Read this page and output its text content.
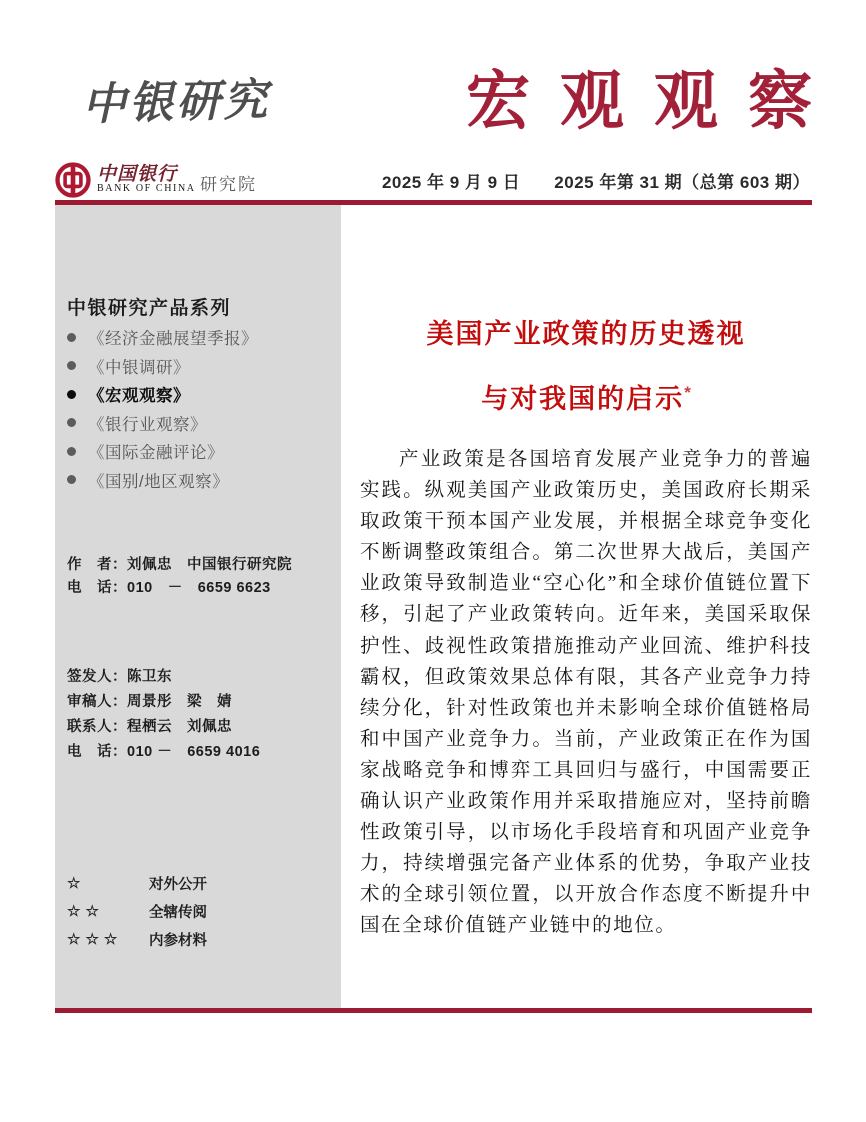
中银研究	宏观观察
中国银行
BANK OF CHINA 研究院	2025 年 9 月 9 日 2025 年第 31 期（总第 603 期）
中银研究产品系列
《经济金融展望季报》
《中银调研》
《宏观观察》
《银行业观察》
《国际金融评论》
《国别/地区观察》
作　者：刘佩忠　中国银行研究院
电　话：010　－　6659 6623
签发人：陈卫东
审稿人：周景彤　梁　婧
联系人：程栖云　刘佩忠
电　话：010 －　6659 4016
☆	对外公开
☆☆	全辖传阅
☆☆☆	内参材料
美国产业政策的历史透视
与对我国的启示*

产业政策是各国培育发展产业竞争力的普遍实践。纵观美国产业政策历史，美国政府长期采取政策干预本国产业发展，并根据全球竞争变化不断调整政策组合。第二次世界大战后，美国产业政策导致制造业“空心化”和全球价值链位置下移，引起了产业政策转向。近年来，美国采取保护性、歧视性政策措施推动产业回流、维护科技霸权，但政策效果总体有限，其各产业竞争力持续分化，针对性政策也并未影响全球价值链格局和中国产业竞争力。当前，产业政策正在作为国家战略竞争和博弈工具回归与盛行，中国需要正确认识产业政策作用并采取措施应对，坚持前瞻性政策引导，以市场化手段培育和巩固产业竞争力，持续增强完备产业体系的优势，争取产业技术的全球引领位置，以开放合作态度不断提升中国在全球价值链产业链中的地位。
